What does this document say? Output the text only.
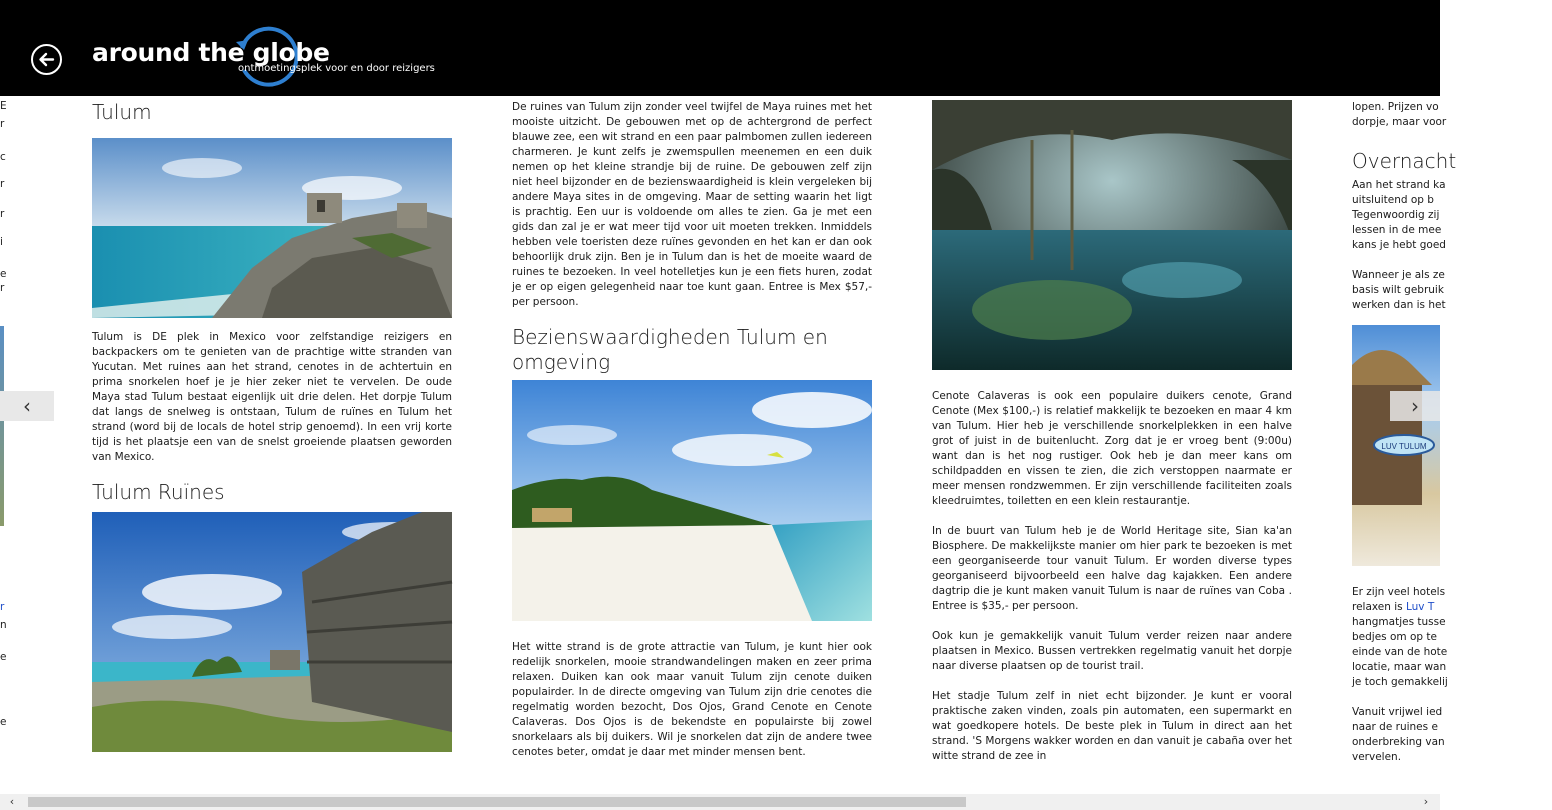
around the globe
ontmoetingsplek voor en door reizigers
E
r
c
r
r
i
e
r
r
n
e
e
Tulum

Tulum is DE plek in Mexico voor zelfstandige reizigers en backpackers om te genieten van de prachtige witte stranden van Yucutan. Met ruines aan het strand, cenotes in de achtertuin en prima snorkelen hoef je je hier zeker niet te vervelen. De oude Maya stad Tulum bestaat eigenlijk uit drie delen. Het dorpje Tulum dat langs de snelweg is ontstaan, Tulum de ruïnes en Tulum het strand (word bij de locals de hotel strip genoemd). In een vrij korte tijd is het plaatsje een van de snelst groeiende plaatsen geworden van Mexico.

Tulum Ruïnes

De ruines van Tulum zijn zonder veel twijfel de Maya ruines met het mooiste uitzicht. De gebouwen met op de achtergrond de perfect blauwe zee, een wit strand en een paar palmbomen zullen iedereen charmeren. Je kunt zelfs je zwemspullen meenemen en een duik nemen op het kleine strandje bij de ruine. De gebouwen zelf zijn niet heel bijzonder en de bezienswaardigheid is klein vergeleken bij andere Maya sites in de omgeving. Maar de setting waarin het ligt is prachtig. Een uur is voldoende om alles te zien. Ga je met een gids dan zal je er wat meer tijd voor uit moeten trekken. Inmiddels hebben vele toeristen deze ruïnes gevonden en het kan er dan ook behoorlijk druk zijn. Ben je in Tulum dan is het de moeite waard de ruines te bezoeken. In veel hotelletjes kun je een fiets huren, zodat je er op eigen gelegenheid naar toe kunt gaan. Entree is Mex $57,- per persoon.

Bezienswaardigheden Tulum en omgeving

Het witte strand is de grote attractie van Tulum, je kunt hier ook redelijk snorkelen, mooie strandwandelingen maken en zeer prima relaxen. Duiken kan ook maar vanuit Tulum zijn cenote duiken populairder. In de directe omgeving van Tulum zijn drie cenotes die regelmatig worden bezocht, Dos Ojos, Grand Cenote en Cenote Calaveras. Dos Ojos is de bekendste en populairste bij zowel snorkelaars als bij duikers. Wil je snorkelen dat zijn de andere twee cenotes beter, omdat je daar met minder mensen bent.

Cenote Calaveras is ook een populaire duikers cenote, Grand Cenote (Mex $100,-) is relatief makkelijk te bezoeken en maar 4 km van Tulum. Hier heb je verschillende snorkelplekken in een halve grot of juist in de buitenlucht. Zorg dat je er vroeg bent (9:00u) want dan is het nog rustiger. Ook heb je dan meer kans om schildpadden en vissen te zien, die zich verstoppen naarmate er meer mensen rondzwemmen. Er zijn verschillende faciliteiten zoals kleedruimtes, toiletten en een klein restaurantje.

In de buurt van Tulum heb je de World Heritage site, Sian ka'an Biosphere. De makkelijkste manier om hier park te bezoeken is met een georganiseerde tour vanuit Tulum. Er worden diverse types georganiseerd bijvoorbeeld een halve dag kajakken. Een andere dagtrip die je kunt maken vanuit Tulum is naar de ruïnes van Coba . Entree is $35,- per persoon.

Ook kun je gemakkelijk vanuit Tulum verder reizen naar andere plaatsen in Mexico. Bussen vertrekken regelmatig vanuit het dorpje naar diverse plaatsen op de tourist trail.

Het stadje Tulum zelf in niet echt bijzonder. Je kunt er vooral praktische zaken vinden, zoals pin automaten, een supermarkt en wat goedkopere hotels. De beste plek in Tulum in direct aan het strand. 'S Morgens wakker worden en dan vanuit je cabaña over het witte strand de zee in

lopen. Prijzen vo
dorpje, maar voor
Overnacht
Aan het strand ka
uitsluitend op b
Tegenwoordig zij
lessen in de mee
kans je hebt goed
Wanneer je als ze
basis wilt gebruik
werken dan is het
LUV TULUM
Er zijn veel hotels
relaxen is Luv T
hangmatjes tusse
bedjes om op te
einde van de hote
locatie, maar wan
je toch gemakkelij
Vanuit vrijwel ied
naar de ruines e
onderbreking van
vervelen.
‹	›
‹	›
